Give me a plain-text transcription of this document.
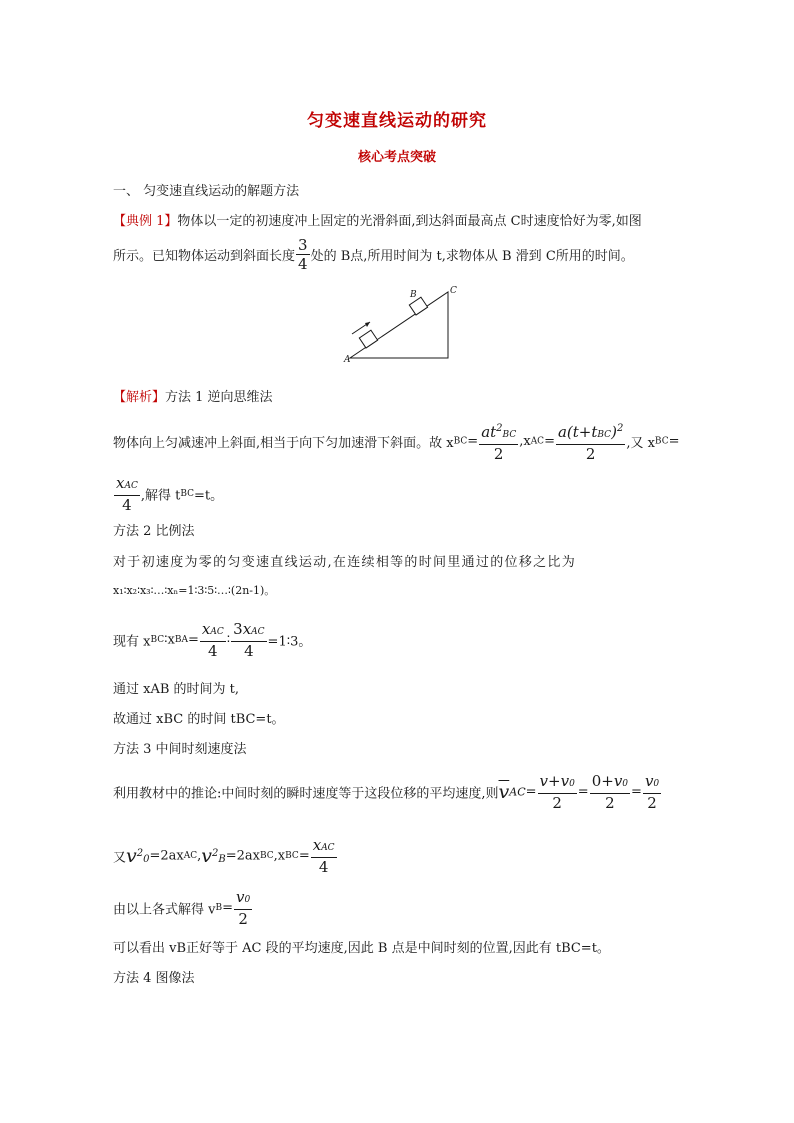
匀变速直线运动的研究
核心考点突破
一、 匀变速直线运动的解题方法
【典例 1】物体以一定的初速度冲上固定的光滑斜面,到达斜面最高点 C时速度恰好为零,如图
所示。已知物体运动到斜面长度 $\frac{3}{4}$ 处的 B点,所用时间为 t,求物体从 B 滑到 C所用的时间。
A
B	C
【解析】方法 1 逆向思维法
物体向上匀减速冲上斜面,相当于向下匀加速滑下斜面。故 $xBC= \frac{at^2BC}{2} ,xAC= \frac{a(t+tBC)^2}{2}$ ,又 xBC=
$\frac{\text{xAC}}{4}$ ,解得 tBC=t。
方法 2 比例法
对于初速度为零的匀变速直线运动,在连续相等的时间里通过的位移之比为
x₁∶x₂∶x₃∶…∶xₙ=1∶3∶5∶…∶(2n-1)。
现有 xBC∶xBA= $\frac{\text{xAC}}{4}$ ∶ $\frac{\text{3xAC}}{4}$ =1∶3。
通过 xAB 的时间为 t,
故通过 xBC 的时间 tBC=t。
方法 3 中间时刻速度法
利用教材中的推论:中间时刻的瞬时速度等于这段位移的平均速度,则$\overline{v}AC= \frac{v+v0}{2} = \frac{0+v0}{2} = \frac{v0}{2}$
又$v^20=2axAC,v^2B=2axBC,xBC= \frac{\text{xAC}}{4}$
由以上各式解得 $vB= \frac{v0}{2}$
可以看出 vB正好等于 AC 段的平均速度,因此 B 点是中间时刻的位置,因此有 tBC=t。
方法 4 图像法
